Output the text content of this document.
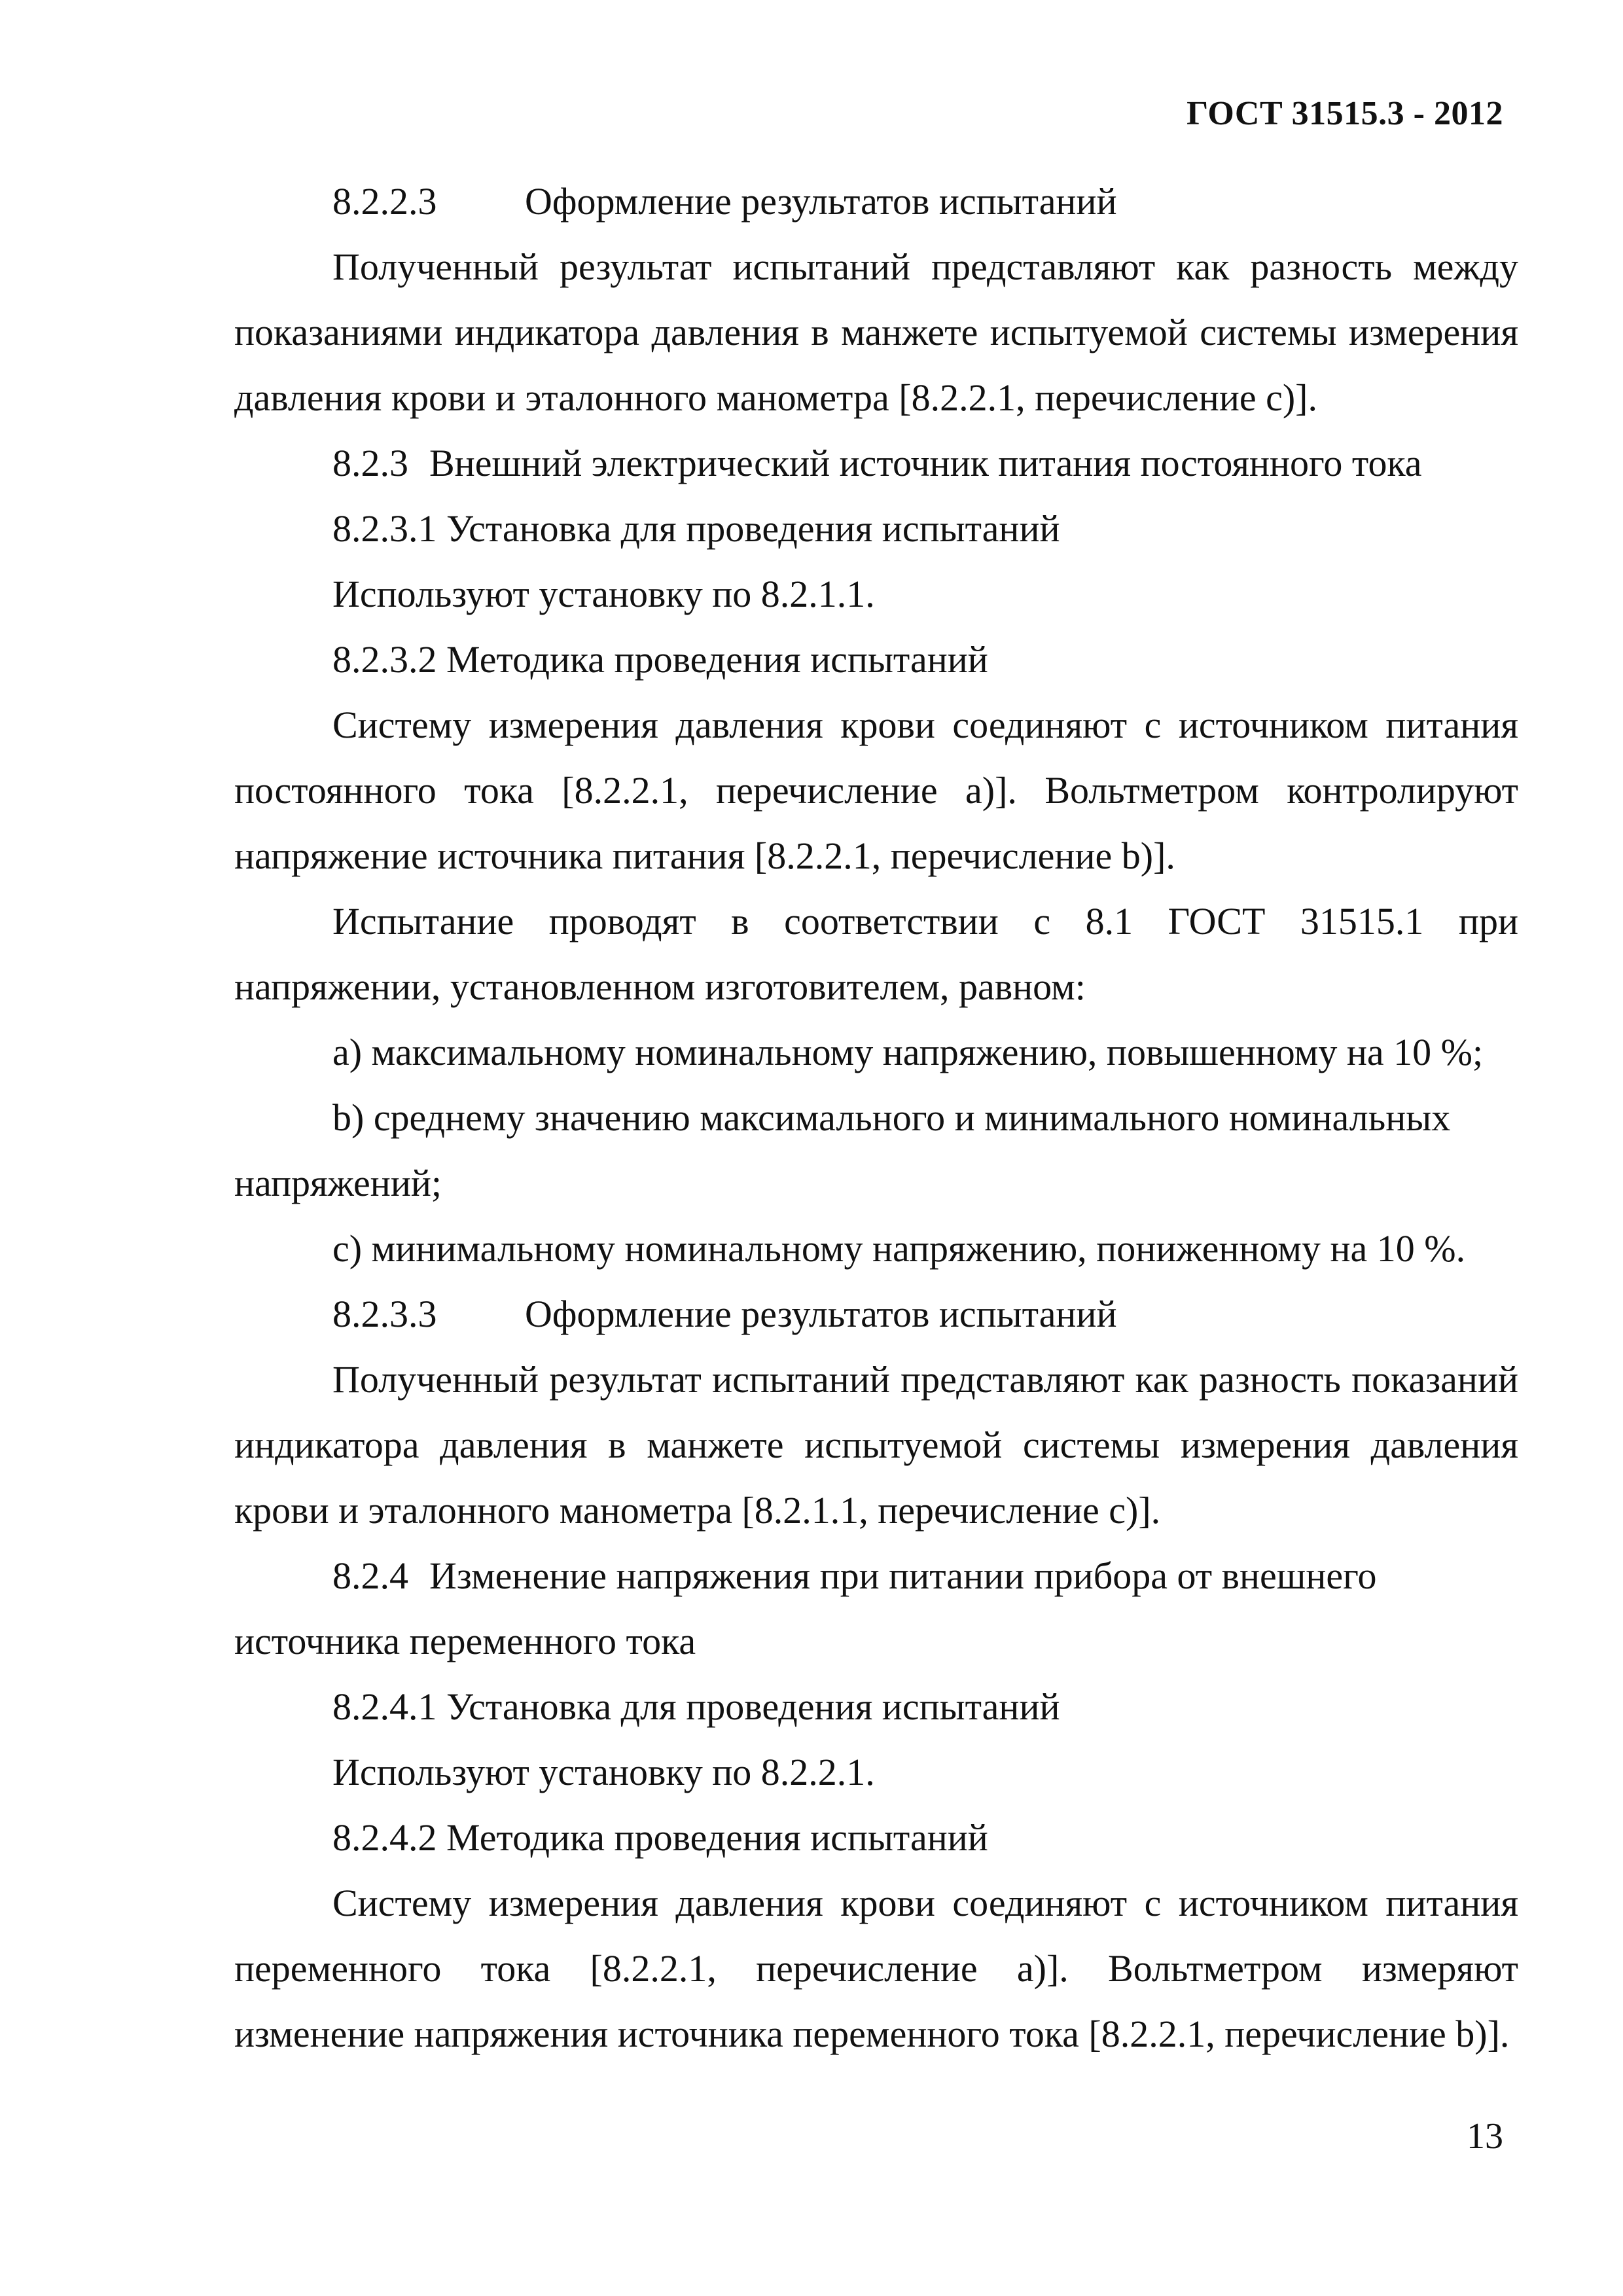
ГОСТ 31515.3 - 2012

8.2.2.3 Оформление результатов испытаний

Полученный результат испытаний представляют как разность между показаниями индикатора давления в манжете испытуемой системы измерения давления крови и эталонного манометра [8.2.2.1, перечисление с)].

8.2.3 Внешний электрический источник питания постоянного тока

8.2.3.1 Установка для проведения испытаний

Используют установку по 8.2.1.1.

8.2.3.2 Методика проведения испытаний

Систему измерения давления крови соединяют с источником питания постоянного тока [8.2.2.1, перечисление а)]. Вольтметром контролируют напряжение источника питания [8.2.2.1, перечисление b)].

Испытание проводят в соответствии с 8.1 ГОСТ 31515.1 при напряжении, установленном изготовителем, равном:

а) максимальному номинальному напряжению, повышенному на 10 %;

b) среднему значению максимального и минимального номинальных напряжений;

с) минимальному номинальному напряжению, пониженному на 10 %.

8.2.3.3 Оформление результатов испытаний

Полученный результат испытаний представляют как разность показаний индикатора давления в манжете испытуемой системы измерения давления крови и эталонного манометра [8.2.1.1, перечисление с)].

8.2.4 Изменение напряжения при питании прибора от внешнего источника переменного тока

8.2.4.1 Установка для проведения испытаний

Используют установку по 8.2.2.1.

8.2.4.2 Методика проведения испытаний

Систему измерения давления крови соединяют с источником питания переменного тока [8.2.2.1, перечисление а)]. Вольтметром измеряют изменение напряжения источника переменного тока [8.2.2.1, перечисление b)].

13
